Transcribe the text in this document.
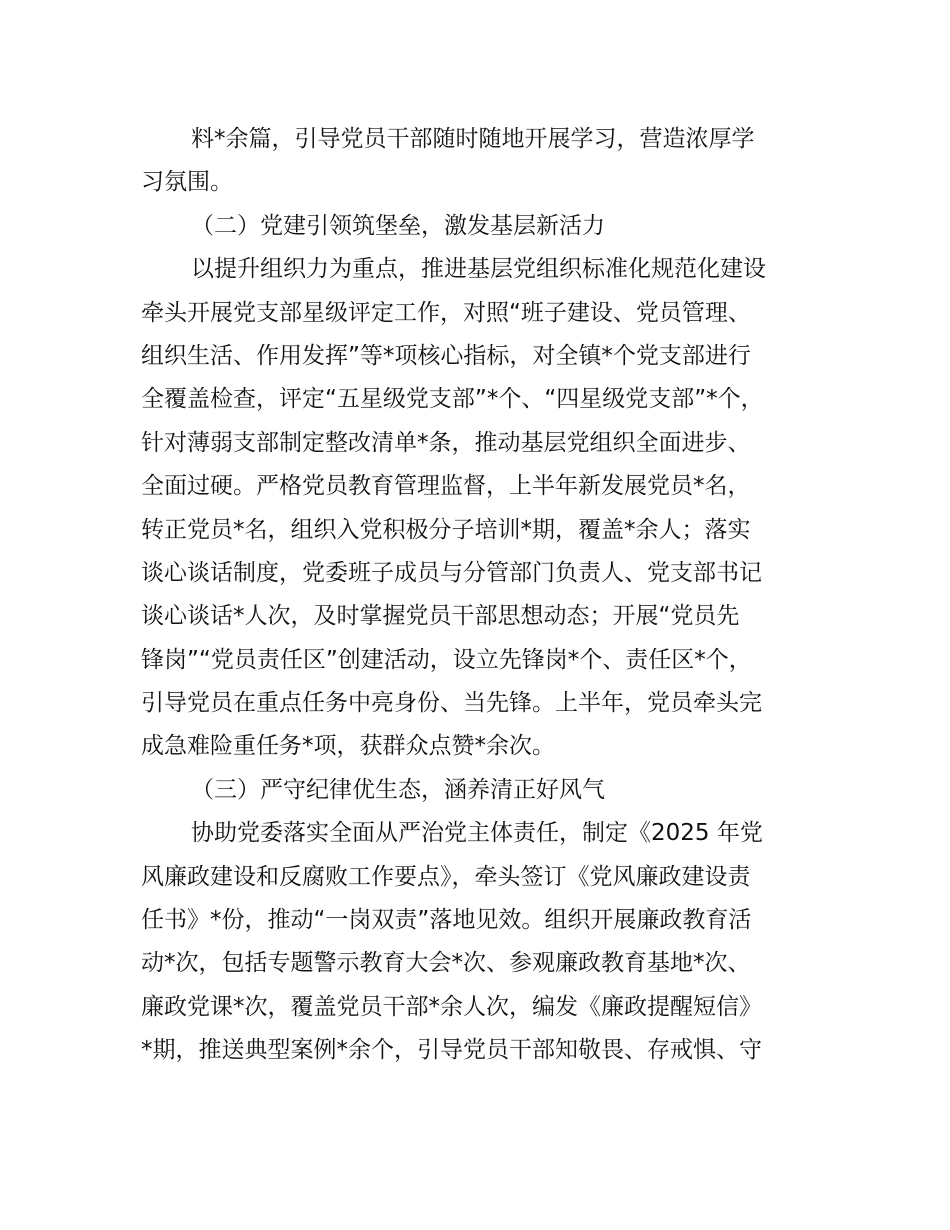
料*余篇，引导党员干部随时随地开展学习，营造浓厚学

习氛围。

（二）党建引领筑堡垒，激发基层新活力

以提升组织力为重点，推进基层党组织标准化规范化建设

牵头开展党支部星级评定工作，对照“班子建设、党员管理、

组织生活、作用发挥”等*项核心指标，对全镇*个党支部进行

全覆盖检查，评定“五星级党支部”*个、“四星级党支部”*个，

针对薄弱支部制定整改清单*条，推动基层党组织全面进步、

全面过硬。严格党员教育管理监督，上半年新发展党员*名，

转正党员*名，组织入党积极分子培训*期，覆盖*余人；落实

谈心谈话制度，党委班子成员与分管部门负责人、党支部书记

谈心谈话*人次，及时掌握党员干部思想动态；开展“党员先

锋岗”“党员责任区”创建活动，设立先锋岗*个、责任区*个，

引导党员在重点任务中亮身份、当先锋。上半年，党员牵头完

成急难险重任务*项，获群众点赞*余次。

（三）严守纪律优生态，涵养清正好风气

协助党委落实全面从严治党主体责任，制定《2025 年党

风廉政建设和反腐败工作要点》，牵头签订《党风廉政建设责

任书》*份，推动“一岗双责”落地见效。组织开展廉政教育活

动*次，包括专题警示教育大会*次、参观廉政教育基地*次、

廉政党课*次，覆盖党员干部*余人次，编发《廉政提醒短信》

*期，推送典型案例*余个，引导党员干部知敬畏、存戒惧、守
